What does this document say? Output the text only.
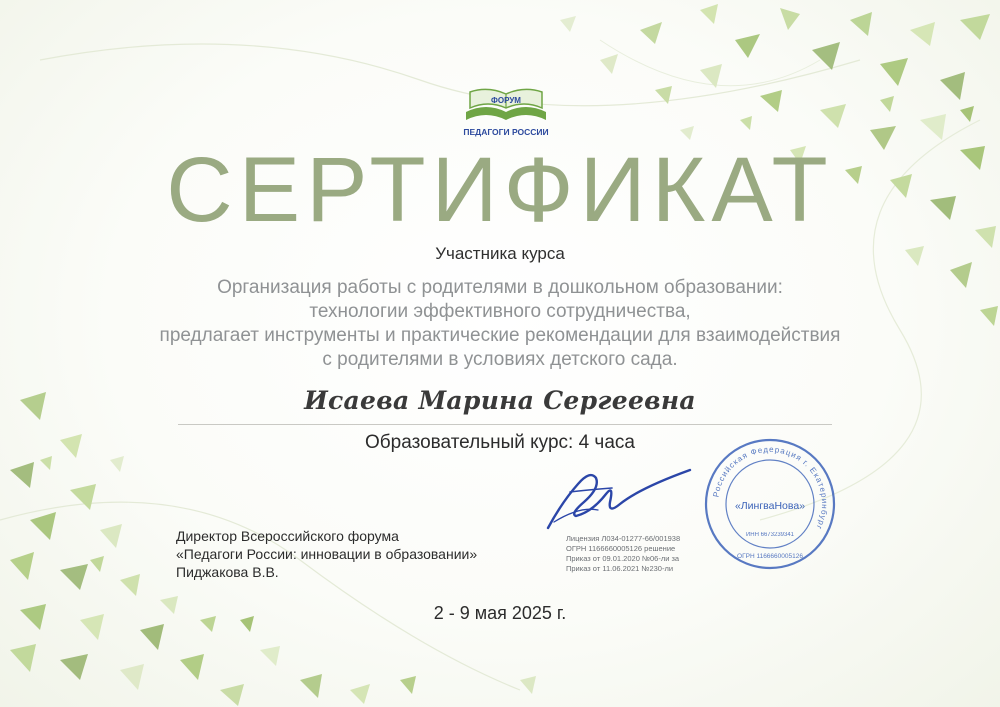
ФОРУМ
ПЕДАГОГИ РОССИИ
СЕРТИФИКАТ
Участника курса
Организация работы с родителями в дошкольном образовании:
технологии эффективного сотрудничества,
предлагает инструменты и практические рекомендации для взаимодействия
с родителями в условиях детского сада.
Исаева Марина Сергеевна
Образовательный курс: 4 часа
Директор Всероссийского форума
«Педагоги России: инновации в образовании»
Пиджакова В.В.
Лицензия Л034-01277-66/001938
ОГРН 1166660005126 решение
Приказ от 09.01.2020 №06-ли за
Приказ от 11.06.2021 №230-ли
Российская Федерация г. Екатеринбург
«ЛингваНова»
ИНН 6673239341
ОГРН 1166660005126
2 - 9 мая 2025 г.
